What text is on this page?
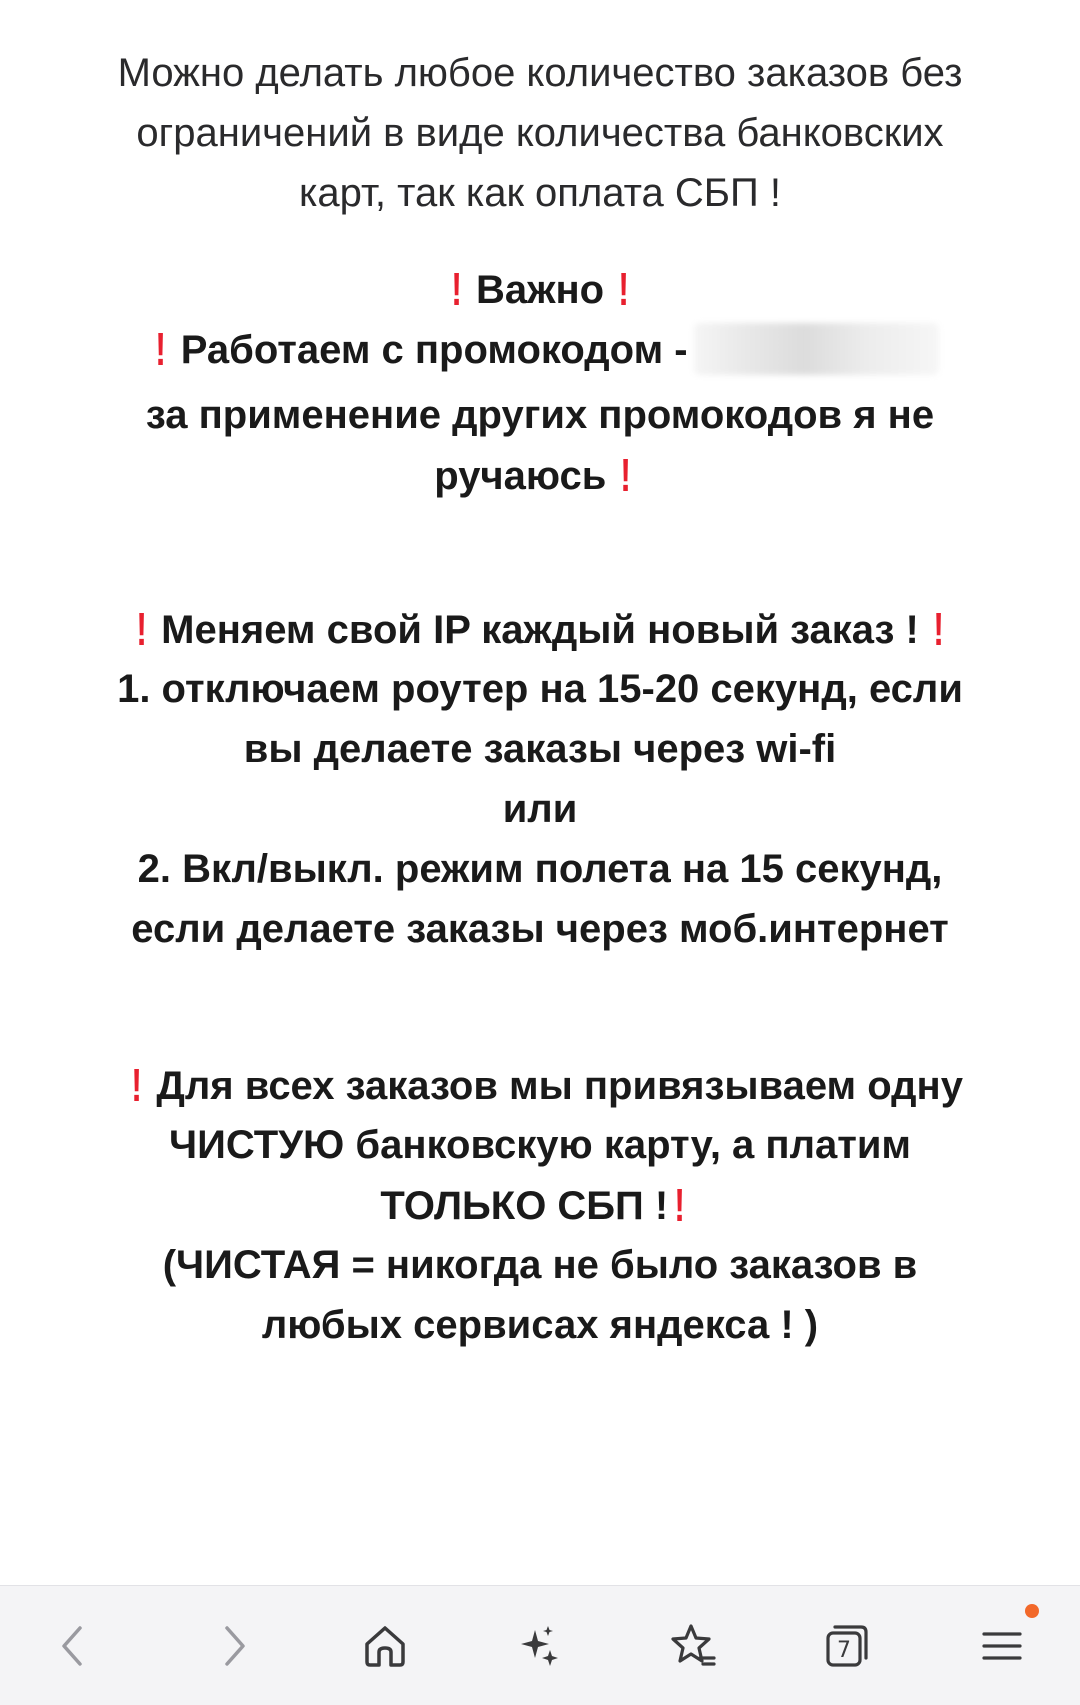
Можно делать любое количество заказов без
ограничений в виде количества банковских
карт, так как оплата СБП !
! Важно !
! Работаем с промокодом -
за применение других промокодов я не
ручаюсь !
! Меняем свой IP каждый новый заказ ! !
1. отключаем роутер на 15-20 секунд, если
вы делаете заказы через wi-fi
или
2. Вкл/выкл. режим полета на 15 секунд,
если делаете заказы через моб.интернет
! Для всех заказов мы привязываем одну
ЧИСТУЮ банковскую карту, а платим
ТОЛЬКО СБП ! !
(ЧИСТАЯ = никогда не было заказов в
любых сервисах яндекса ! )
7
